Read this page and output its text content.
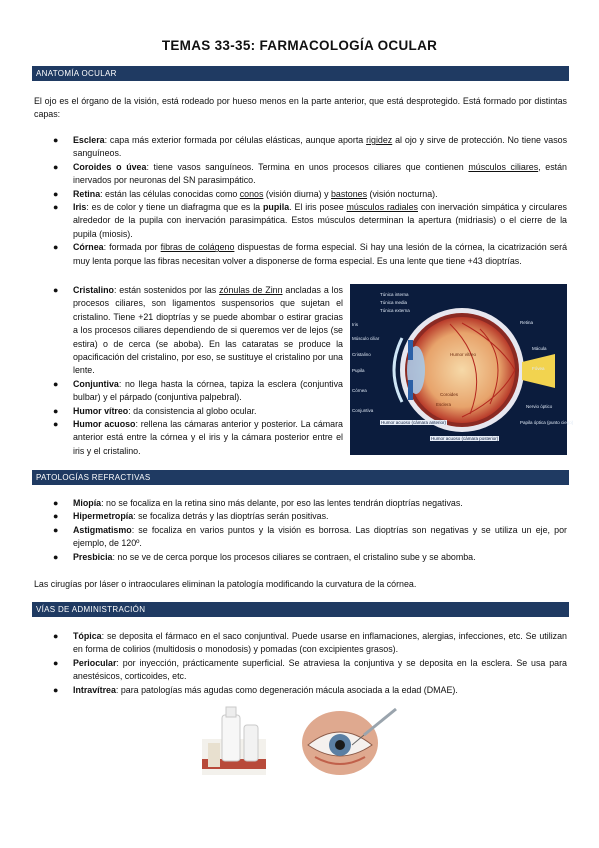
TEMAS 33-35: FARMACOLOGÍA OCULAR
ANATOMÍA OCULAR
El ojo es el órgano de la visión, está rodeado por hueso menos en la parte anterior, que está desprotegido. Está formado por distintas capas:
● Esclera: capa más exterior formada por células elásticas, aunque aporta rigidez al ojo y sirve de protección. No tiene vasos sanguíneos.
● Coroides o úvea: tiene vasos sanguíneos. Termina en unos procesos ciliares que contienen músculos ciliares, están inervados por neuronas del SN parasimpático.
● Retina: están las células conocidas como conos (visión diurna) y bastones (visión nocturna).
● Iris: es de color y tiene un diafragma que es la pupila. El iris posee músculos radiales con inervación simpática y circulares alrededor de la pupila con inervación parasimpática. Estos músculos determinan la apertura (midriasis) o el cierre de la pupila (miosis).
● Córnea: formada por fibras de colágeno dispuestas de forma especial. Si hay una lesión de la córnea, la cicatrización será muy lenta porque las fibras necesitan volver a disponerse de forma especial. Es una lente que tiene +43 dioptrías.
● Cristalino: están sostenidos por las zónulas de Zinn ancladas a los procesos ciliares, son ligamentos suspensorios que sujetan el cristalino. Tiene +21 dioptrías y se puede abombar o estirar gracias a los procesos ciliares dependiendo de si queremos ver de lejos (se estira) o de cerca (se aboba). En las cataratas se produce la opacificación del cristalino, por eso, se sustituye el cristalino por una lente.
● Conjuntiva: no llega hasta la córnea, tapiza la esclera (conjuntiva bulbar) y el párpado (conjuntiva palpebral).
● Humor vítreo: da consistencia al globo ocular.
● Humor acuoso: rellena las cámaras anterior y posterior. La cámara anterior está entre la córnea y el iris y la cámara posterior entre el iris y el cristalino.
Túnica interna
Túnica media
Túnica externa
Músculo ciliar
Cristalino
Iris
Pupila
Córnea
Conjuntiva
Retina
Mácula
Fóvea
Nervio óptico
Humor vítreo
Coroides
Esclera
Humor acuoso (cámara anterior)
Humor acuoso (cámara posterior)
Papila óptica (punto ciego)
PATOLOGÍAS REFRACTIVAS
● Miopía: no se focaliza en la retina sino más delante, por eso las lentes tendrán dioptrías negativas.
● Hipermetropía: se focaliza detrás y las dioptrías serán positivas.
● Astigmatismo: se focaliza en varios puntos y la visión es borrosa. Las dioptrías son negativas y se utiliza un eje, por ejemplo, de 120º.
● Presbicia: no se ve de cerca porque los procesos ciliares se contraen, el cristalino sube y se abomba.
Las cirugías por láser o intraoculares eliminan la patología modificando la curvatura de la córnea.
VÍAS DE ADMINISTRACIÓN
● Tópica: se deposita el fármaco en el saco conjuntival. Puede usarse en inflamaciones, alergias, infecciones, etc. Se utilizan en forma de colirios (multidosis o monodosis) y pomadas (con excipientes grasos).
● Periocular: por inyección, prácticamente superficial. Se atraviesa la conjuntiva y se deposita en la esclera. Se usa para anestésicos, corticoides, etc.
● Intravítrea: para patologías más agudas como degeneración mácula asociada a la edad (DMAE).
